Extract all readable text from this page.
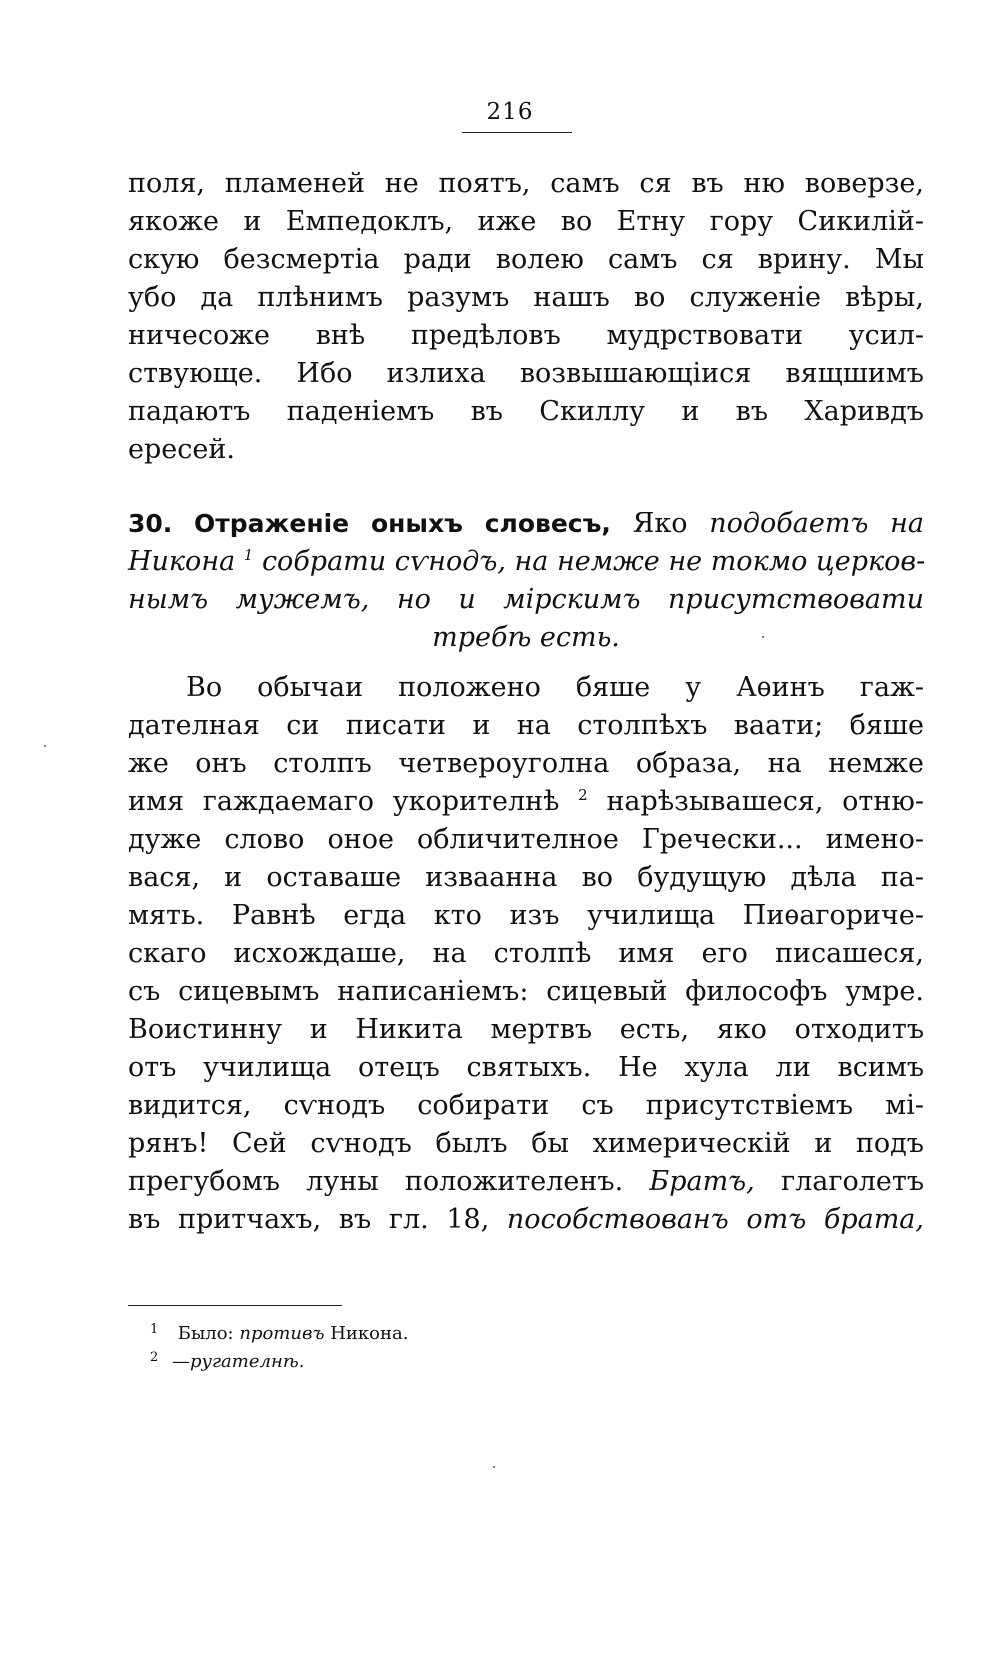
216
поля, пламеней не поятъ, самъ ся въ ню воверзе,
якоже и Емпедоклъ, иже во Етну гору Сикилій-
скую безсмертіа ради волею самъ ся врину. Мы
убо да плѣнимъ разумъ нашъ во служеніе вѣры,
ничесоже внѣ предѣловъ мудрствовати усил-
ствующе. Ибо излиха возвышающіися вящшимъ
падаютъ паденіемъ въ Скиллу и въ Харивдъ
ересей.
30. Отраженіе оныхъ словесъ, Яко подобаетъ на
Никона $^1$ собрати сѵнодъ, на немже не токмо церков-
нымъ мужемъ, но и мірскимъ присутствовати
требѣ есть.
Во обычаи положено бяше у Аѳинъ гаж-
дателная си писати и на столпѣхъ ваати; бяше
же онъ столпъ четвероуголна образа, на немже
имя гаждаемаго укорителнѣ $^2$ нарѣзывашеся, отню-
дуже слово оное обличителное Гречески... имено-
вася, и оставаше изваанна во будущую дѣла па-
мять. Равнѣ егда кто изъ училища Пиѳагориче-
скаго исхождаше, на столпѣ имя его писашеся,
съ сицевымъ написаніемъ: сицевый философъ умре.
Воистинну и Никита мертвъ есть, яко отходитъ
отъ училища отецъ святыхъ. Не хула ли всимъ
видится, сѵнодъ собирати съ присутствіемъ мі-
рянъ! Сей сѵнодъ былъ бы химерическій и подъ
прегубомъ луны положителенъ. Братъ, глаголетъ
въ притчахъ, въ гл. 18, пособствованъ отъ брата,
1 Было: противъ Никона.
2 —ругателнѣ.
